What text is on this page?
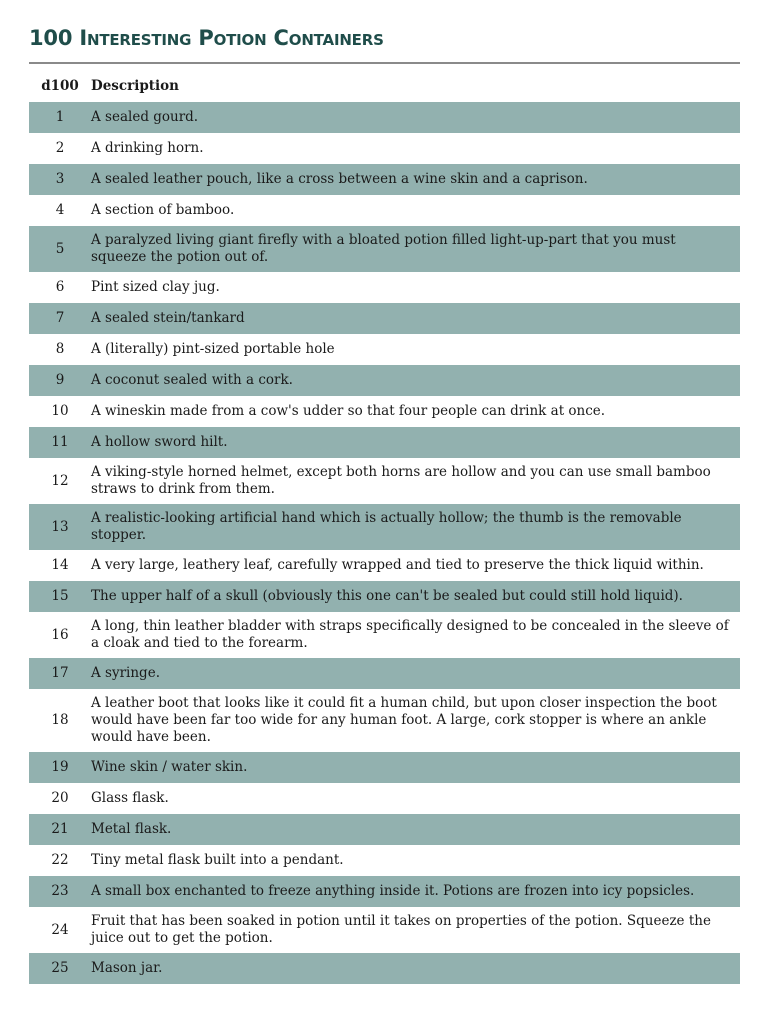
100 Interesting Potion Containers
d100	Description
1	A sealed gourd.
2	A drinking horn.
3	A sealed leather pouch, like a cross between a wine skin and a caprison.
4	A section of bamboo.
5	A paralyzed living giant firefly with a bloated potion filled light-up-part that you must squeeze the potion out of.
6	Pint sized clay jug.
7	A sealed stein/tankard
8	A (literally) pint-sized portable hole
9	A coconut sealed with a cork.
10	A wineskin made from a cow's udder so that four people can drink at once.
11	A hollow sword hilt.
12	A viking-style horned helmet, except both horns are hollow and you can use small bamboo straws to drink from them.
13	A realistic-looking artificial hand which is actually hollow; the thumb is the removable stopper.
14	A very large, leathery leaf, carefully wrapped and tied to preserve the thick liquid within.
15	The upper half of a skull (obviously this one can't be sealed but could still hold liquid).
16	A long, thin leather bladder with straps specifically designed to be concealed in the sleeve of a cloak and tied to the forearm.
17	A syringe.
18	A leather boot that looks like it could fit a human child, but upon closer inspection the boot would have been far too wide for any human foot. A large, cork stopper is where an ankle would have been.
19	Wine skin / water skin.
20	Glass flask.
21	Metal flask.
22	Tiny metal flask built into a pendant.
23	A small box enchanted to freeze anything inside it. Potions are frozen into icy popsicles.
24	Fruit that has been soaked in potion until it takes on properties of the potion. Squeeze the juice out to get the potion.
25	Mason jar.
